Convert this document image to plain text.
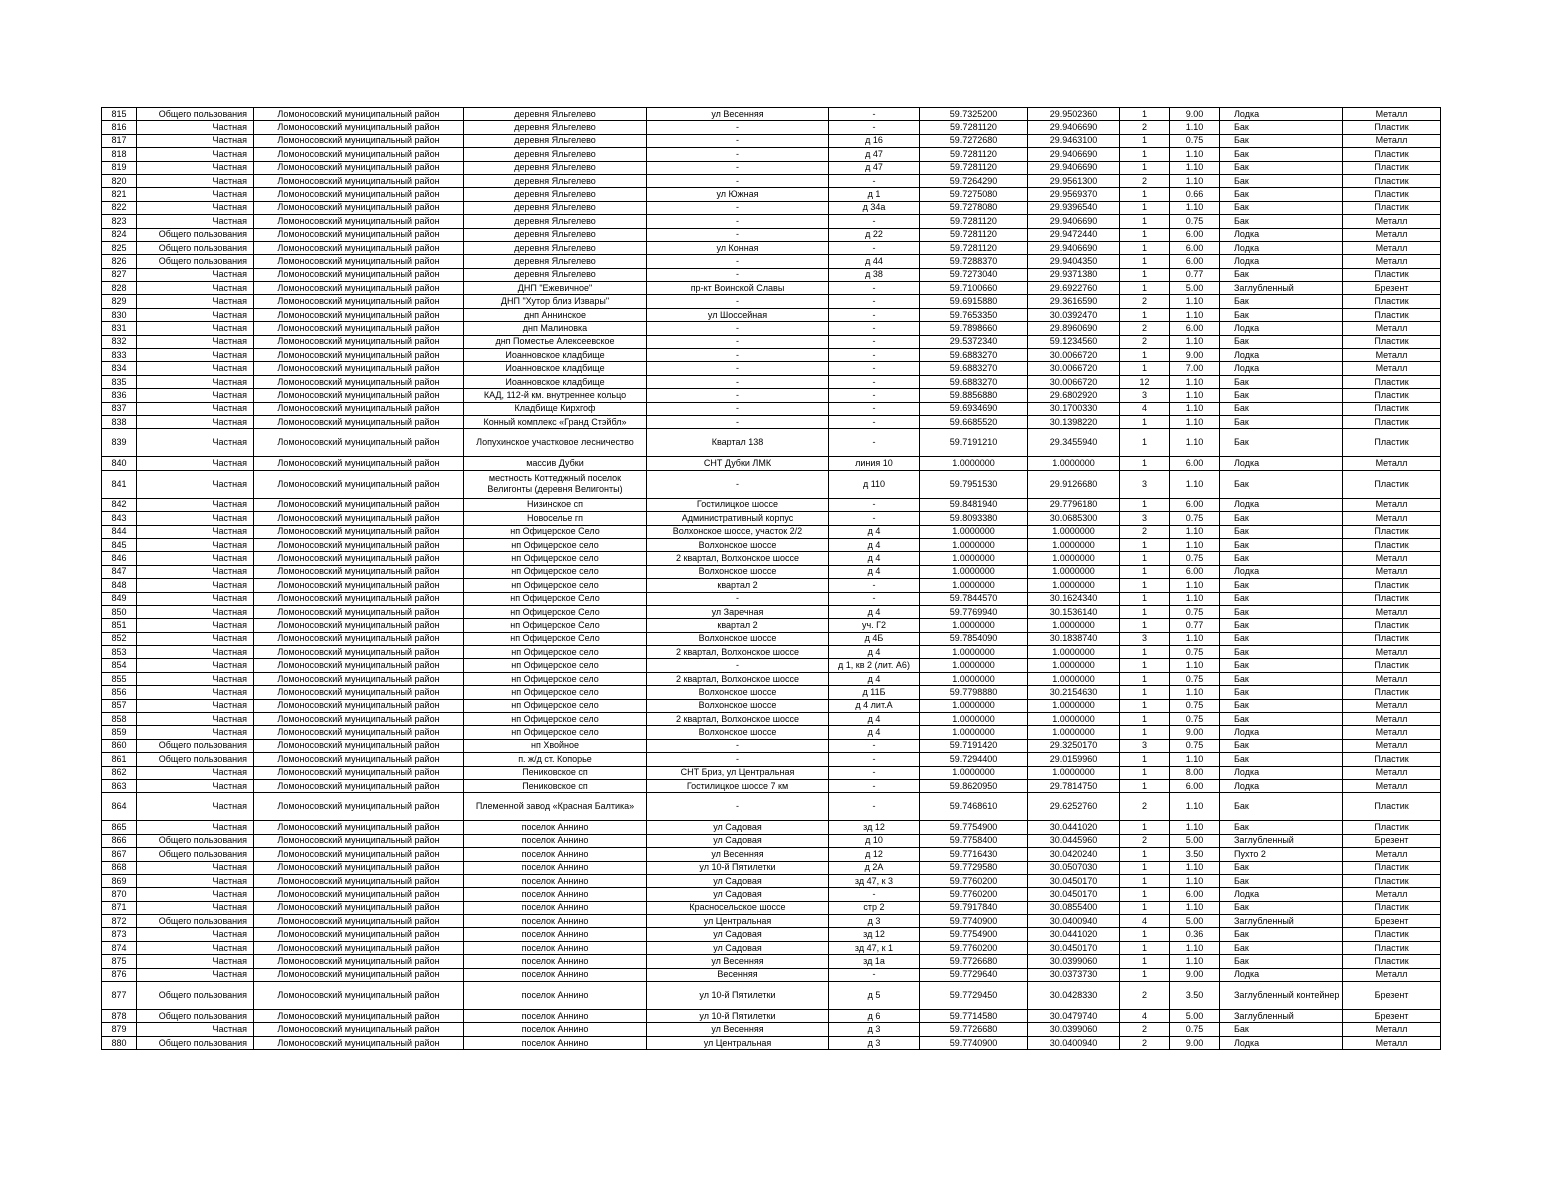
815	Общего пользования	Ломоносовский муниципальный район	деревня Яльгелево	ул Весенняя	-	59.7325200	29.9502360	1	9.00	Лодка	Металл
816	Частная	Ломоносовский муниципальный район	деревня Яльгелево	-	-	59.7281120	29.9406690	2	1.10	Бак	Пластик
817	Частная	Ломоносовский муниципальный район	деревня Яльгелево	-	д 16	59.7272680	29.9463100	1	0.75	Бак	Металл
818	Частная	Ломоносовский муниципальный район	деревня Яльгелево	-	д 47	59.7281120	29.9406690	1	1.10	Бак	Пластик
819	Частная	Ломоносовский муниципальный район	деревня Яльгелево	-	д 47	59.7281120	29.9406690	1	1.10	Бак	Пластик
820	Частная	Ломоносовский муниципальный район	деревня Яльгелево	-	-	59.7264290	29.9561300	2	1.10	Бак	Пластик
821	Частная	Ломоносовский муниципальный район	деревня Яльгелево	ул Южная	д 1	59.7275080	29.9569370	1	0.66	Бак	Пластик
822	Частная	Ломоносовский муниципальный район	деревня Яльгелево	-	д 34а	59.7278080	29.9396540	1	1.10	Бак	Пластик
823	Частная	Ломоносовский муниципальный район	деревня Яльгелево	-	-	59.7281120	29.9406690	1	0.75	Бак	Металл
824	Общего пользования	Ломоносовский муниципальный район	деревня Яльгелево	-	д 22	59.7281120	29.9472440	1	6.00	Лодка	Металл
825	Общего пользования	Ломоносовский муниципальный район	деревня Яльгелево	ул Конная	-	59.7281120	29.9406690	1	6.00	Лодка	Металл
826	Общего пользования	Ломоносовский муниципальный район	деревня Яльгелево	-	д 44	59.7288370	29.9404350	1	6.00	Лодка	Металл
827	Частная	Ломоносовский муниципальный район	деревня Яльгелево	-	д 38	59.7273040	29.9371380	1	0.77	Бак	Пластик
828	Частная	Ломоносовский муниципальный район	ДНП "Ежевичное"	пр-кт Воинской Славы	-	59.7100660	29.6922760	1	5.00	Заглубленный	Брезент
829	Частная	Ломоносовский муниципальный район	ДНП "Хутор близ Извары"	-	-	59.6915880	29.3616590	2	1.10	Бак	Пластик
830	Частная	Ломоносовский муниципальный район	днп Аннинское	ул Шоссейная	-	59.7653350	30.0392470	1	1.10	Бак	Пластик
831	Частная	Ломоносовский муниципальный район	днп Малиновка	-	-	59.7898660	29.8960690	2	6.00	Лодка	Металл
832	Частная	Ломоносовский муниципальный район	днп Поместье Алексеевское	-	-	29.5372340	59.1234560	2	1.10	Бак	Пластик
833	Частная	Ломоносовский муниципальный район	Иоанновское кладбище	-	-	59.6883270	30.0066720	1	9.00	Лодка	Металл
834	Частная	Ломоносовский муниципальный район	Иоанновское кладбище	-	-	59.6883270	30.0066720	1	7.00	Лодка	Металл
835	Частная	Ломоносовский муниципальный район	Иоанновское кладбище	-	-	59.6883270	30.0066720	12	1.10	Бак	Пластик
836	Частная	Ломоносовский муниципальный район	КАД, 112-й км. внутреннее кольцо	-	-	59.8856880	29.6802920	3	1.10	Бак	Пластик
837	Частная	Ломоносовский муниципальный район	Кладбище Кирхгоф	-	-	59.6934690	30.1700330	4	1.10	Бак	Пластик
838	Частная	Ломоносовский муниципальный район	Конный комплекс «Гранд Стэйбл»	-	-	59.6685520	30.1398220	1	1.10	Бак	Пластик
839	Частная	Ломоносовский муниципальный район	Лопухинское участковое лесничество	Квартал 138	-	59.7191210	29.3455940	1	1.10	Бак	Пластик
840	Частная	Ломоносовский муниципальный район	массив Дубки	СНТ Дубки ЛМК	линия 10	1.0000000	1.0000000	1	6.00	Лодка	Металл
841	Частная	Ломоносовский муниципальный район	местность Коттеджный поселок Велигонты (деревня Велигонты)	-	д 110	59.7951530	29.9126680	3	1.10	Бак	Пластик
842	Частная	Ломоносовский муниципальный район	Низинское сп	Гостилицкое шоссе	-	59.8481940	29.7796180	1	6.00	Лодка	Металл
843	Частная	Ломоносовский муниципальный район	Новоселье гп	Административный корпус	-	59.8093380	30.0685300	3	0.75	Бак	Металл
844	Частная	Ломоносовский муниципальный район	нп Офицерское Село	Волхонское шоссе, участок 2/2	д 4	1.0000000	1.0000000	2	1.10	Бак	Пластик
845	Частная	Ломоносовский муниципальный район	нп Офицерское село	Волхонское шоссе	д 4	1.0000000	1.0000000	1	1.10	Бак	Пластик
846	Частная	Ломоносовский муниципальный район	нп Офицерское село	2 квартал, Волхонское шоссе	д 4	1.0000000	1.0000000	1	0.75	Бак	Металл
847	Частная	Ломоносовский муниципальный район	нп Офицерское село	Волхонское шоссе	д 4	1.0000000	1.0000000	1	6.00	Лодка	Металл
848	Частная	Ломоносовский муниципальный район	нп Офицерское село	квартал 2	-	1.0000000	1.0000000	1	1.10	Бак	Пластик
849	Частная	Ломоносовский муниципальный район	нп Офицерское Село	-	-	59.7844570	30.1624340	1	1.10	Бак	Пластик
850	Частная	Ломоносовский муниципальный район	нп Офицерское Село	ул Заречная	д 4	59.7769940	30.1536140	1	0.75	Бак	Металл
851	Частная	Ломоносовский муниципальный район	нп Офицерское Село	квартал 2	уч. Г2	1.0000000	1.0000000	1	0.77	Бак	Пластик
852	Частная	Ломоносовский муниципальный район	нп Офицерское Село	Волхонское шоссе	д 4Б	59.7854090	30.1838740	3	1.10	Бак	Пластик
853	Частная	Ломоносовский муниципальный район	нп Офицерское село	2 квартал, Волхонское шоссе	д 4	1.0000000	1.0000000	1	0.75	Бак	Металл
854	Частная	Ломоносовский муниципальный район	нп Офицерское село	-	д 1, кв 2 (лит. А6)	1.0000000	1.0000000	1	1.10	Бак	Пластик
855	Частная	Ломоносовский муниципальный район	нп Офицерское село	2 квартал, Волхонское шоссе	д 4	1.0000000	1.0000000	1	0.75	Бак	Металл
856	Частная	Ломоносовский муниципальный район	нп Офицерское село	Волхонское шоссе	д 11Б	59.7798880	30.2154630	1	1.10	Бак	Пластик
857	Частная	Ломоносовский муниципальный район	нп Офицерское село	Волхонское шоссе	д 4 лит.А	1.0000000	1.0000000	1	0.75	Бак	Металл
858	Частная	Ломоносовский муниципальный район	нп Офицерское село	2 квартал, Волхонское шоссе	д 4	1.0000000	1.0000000	1	0.75	Бак	Металл
859	Частная	Ломоносовский муниципальный район	нп Офицерское село	Волхонское шоссе	д 4	1.0000000	1.0000000	1	9.00	Лодка	Металл
860	Общего пользования	Ломоносовский муниципальный район	нп Хвойное	-	-	59.7191420	29.3250170	3	0.75	Бак	Металл
861	Общего пользования	Ломоносовский муниципальный район	п. ж/д ст. Копорье	-	-	59.7294400	29.0159960	1	1.10	Бак	Пластик
862	Частная	Ломоносовский муниципальный район	Пениковское сп	СНТ Бриз, ул Центральная	-	1.0000000	1.0000000	1	8.00	Лодка	Металл
863	Частная	Ломоносовский муниципальный район	Пениковское сп	Гостилицкое шоссе 7 км	-	59.8620950	29.7814750	1	6.00	Лодка	Металл
864	Частная	Ломоносовский муниципальный район	Племенной завод «Красная Балтика»	-	-	59.7468610	29.6252760	2	1.10	Бак	Пластик
865	Частная	Ломоносовский муниципальный район	поселок Аннино	ул Садовая	зд 12	59.7754900	30.0441020	1	1.10	Бак	Пластик
866	Общего пользования	Ломоносовский муниципальный район	поселок Аннино	ул Садовая	д 10	59.7758400	30.0445960	2	5.00	Заглубленный	Брезент
867	Общего пользования	Ломоносовский муниципальный район	поселок Аннино	ул Весенняя	д 12	59.7716430	30.0420240	1	3.50	Пухто 2	Металл
868	Частная	Ломоносовский муниципальный район	поселок Аннино	ул 10-й Пятилетки	д 2А	59.7729580	30.0507030	1	1.10	Бак	Пластик
869	Частная	Ломоносовский муниципальный район	поселок Аннино	ул Садовая	зд 47, к 3	59.7760200	30.0450170	1	1.10	Бак	Пластик
870	Частная	Ломоносовский муниципальный район	поселок Аннино	ул Садовая	-	59.7760200	30.0450170	1	6.00	Лодка	Металл
871	Частная	Ломоносовский муниципальный район	поселок Аннино	Красносельское шоссе	стр 2	59.7917840	30.0855400	1	1.10	Бак	Пластик
872	Общего пользования	Ломоносовский муниципальный район	поселок Аннино	ул Центральная	д 3	59.7740900	30.0400940	4	5.00	Заглубленный	Брезент
873	Частная	Ломоносовский муниципальный район	поселок Аннино	ул Садовая	зд 12	59.7754900	30.0441020	1	0.36	Бак	Пластик
874	Частная	Ломоносовский муниципальный район	поселок Аннино	ул Садовая	зд 47, к 1	59.7760200	30.0450170	1	1.10	Бак	Пластик
875	Частная	Ломоносовский муниципальный район	поселок Аннино	ул Весенняя	зд 1а	59.7726680	30.0399060	1	1.10	Бак	Пластик
876	Частная	Ломоносовский муниципальный район	поселок Аннино	Весенняя	-	59.7729640	30.0373730	1	9.00	Лодка	Металл
877	Общего пользования	Ломоносовский муниципальный район	поселок Аннино	ул 10-й Пятилетки	д 5	59.7729450	30.0428330	2	3.50	Заглубленный контейнер	Брезент
878	Общего пользования	Ломоносовский муниципальный район	поселок Аннино	ул 10-й Пятилетки	д 6	59.7714580	30.0479740	4	5.00	Заглубленный	Брезент
879	Частная	Ломоносовский муниципальный район	поселок Аннино	ул Весенняя	д 3	59.7726680	30.0399060	2	0.75	Бак	Металл
880	Общего пользования	Ломоносовский муниципальный район	поселок Аннино	ул Центральная	д 3	59.7740900	30.0400940	2	9.00	Лодка	Металл
